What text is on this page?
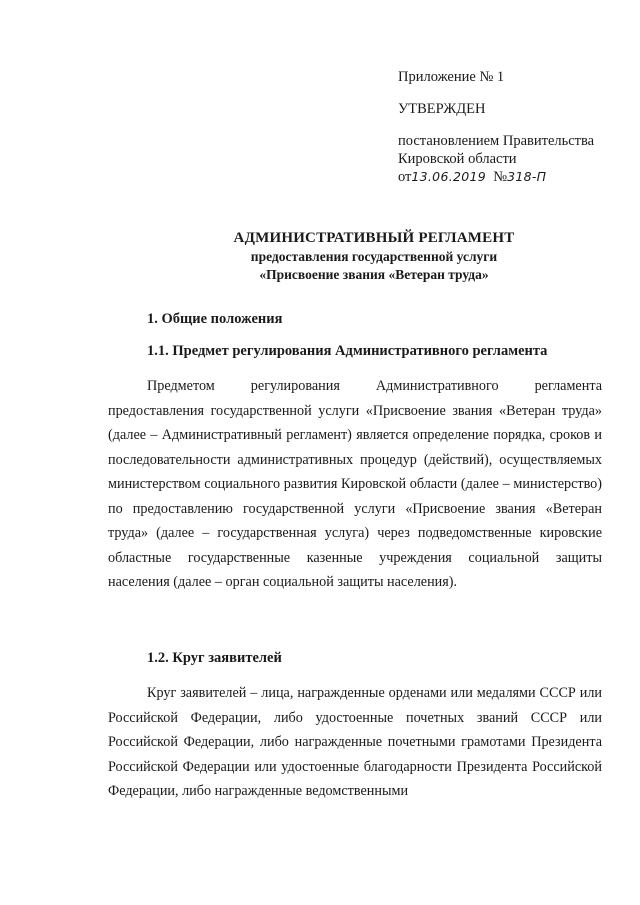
Приложение № 1
УТВЕРЖДЕН
постановлением Правительства
Кировской области
от13.06.2019 №318-П
АДМИНИСТРАТИВНЫЙ РЕГЛАМЕНТ
предоставления государственной услуги
«Присвоение звания «Ветеран труда»
1. Общие положения
1.1. Предмет регулирования Административного регламента
Предметом регулирования Административного регламента предоставления государственной услуги «Присвоение звания «Ветеран труда» (далее – Административный регламент) является определение порядка, сроков и последовательности административных процедур (действий), осуществляемых министерством социального развития Кировской области (далее – министерство) по предоставлению государственной услуги «Присвоение звания «Ветеран труда» (далее – государственная услуга) через подведомственные кировские областные государственные казенные учреждения социальной защиты населения (далее – орган социальной защиты населения).
1.2. Круг заявителей
Круг заявителей – лица, награжденные орденами или медалями СССР или Российской Федерации, либо удостоенные почетных званий СССР или Российской Федерации, либо награжденные почетными грамотами Президента Российской Федерации или удостоенные благодарности Президента Российской Федерации, либо награжденные ведомственными
